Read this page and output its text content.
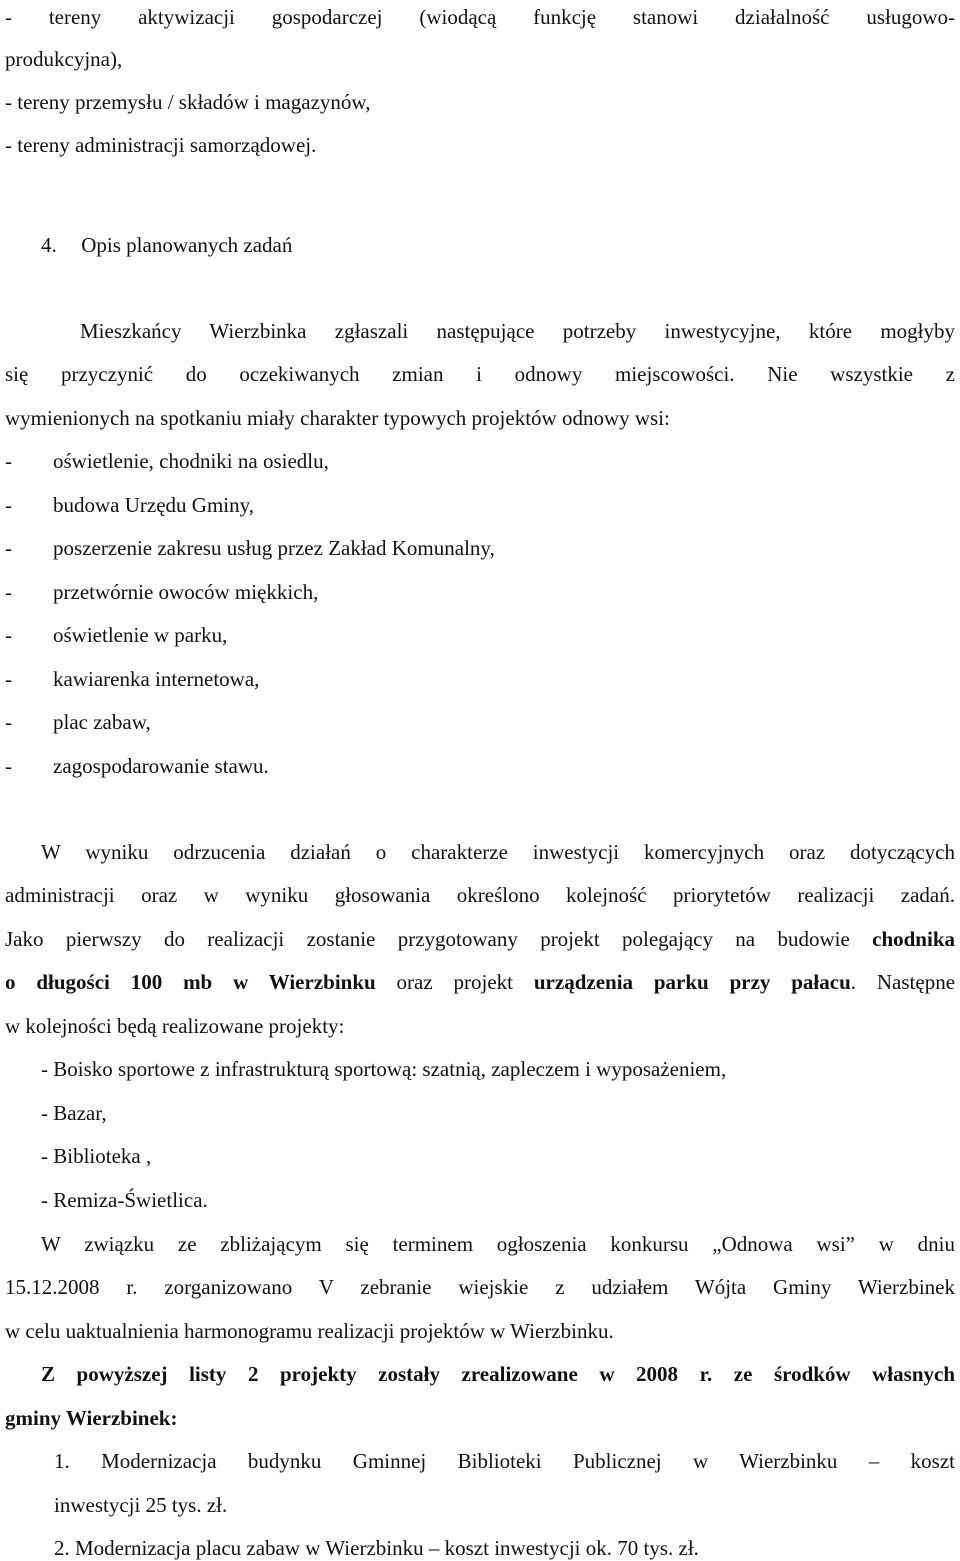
- tereny aktywizacji gospodarczej (wiodącą funkcję stanowi działalność usługowo-
produkcyjna),
- tereny przemysłu / składów i magazynów,
- tereny administracji samorządowej.
4. Opis planowanych zadań
Mieszkańcy Wierzbinka zgłaszali następujące potrzeby inwestycyjne, które mogłyby
się przyczynić do oczekiwanych zmian i odnowy miejscowości. Nie wszystkie z
wymienionych na spotkaniu miały charakter typowych projektów odnowy wsi:
- oświetlenie, chodniki na osiedlu,
- budowa Urzędu Gminy,
- poszerzenie zakresu usług przez Zakład Komunalny,
- przetwórnie owoców miękkich,
- oświetlenie w parku,
- kawiarenka internetowa,
- plac zabaw,
- zagospodarowanie stawu.
W wyniku odrzucenia działań o charakterze inwestycji komercyjnych oraz dotyczących
administracji oraz w wyniku głosowania określono kolejność priorytetów realizacji zadań.
Jako pierwszy do realizacji zostanie przygotowany projekt polegający na budowie chodnika
o długości 100 mb w Wierzbinku oraz projekt urządzenia parku przy pałacu. Następne
w kolejności będą realizowane projekty:
- Boisko sportowe z infrastrukturą sportową: szatnią, zapleczem i wyposażeniem,
- Bazar,
- Biblioteka ,
- Remiza-Świetlica.
W związku ze zbliżającym się terminem ogłoszenia konkursu „Odnowa wsi” w dniu
15.12.2008 r. zorganizowano V zebranie wiejskie z udziałem Wójta Gminy Wierzbinek
w celu uaktualnienia harmonogramu realizacji projektów w Wierzbinku.
Z powyższej listy 2 projekty zostały zrealizowane w 2008 r. ze środków własnych
gminy Wierzbinek:
1. Modernizacja budynku Gminnej Biblioteki Publicznej w Wierzbinku – koszt
inwestycji 25 tys. zł.
2. Modernizacja placu zabaw w Wierzbinku – koszt inwestycji ok. 70 tys. zł.
